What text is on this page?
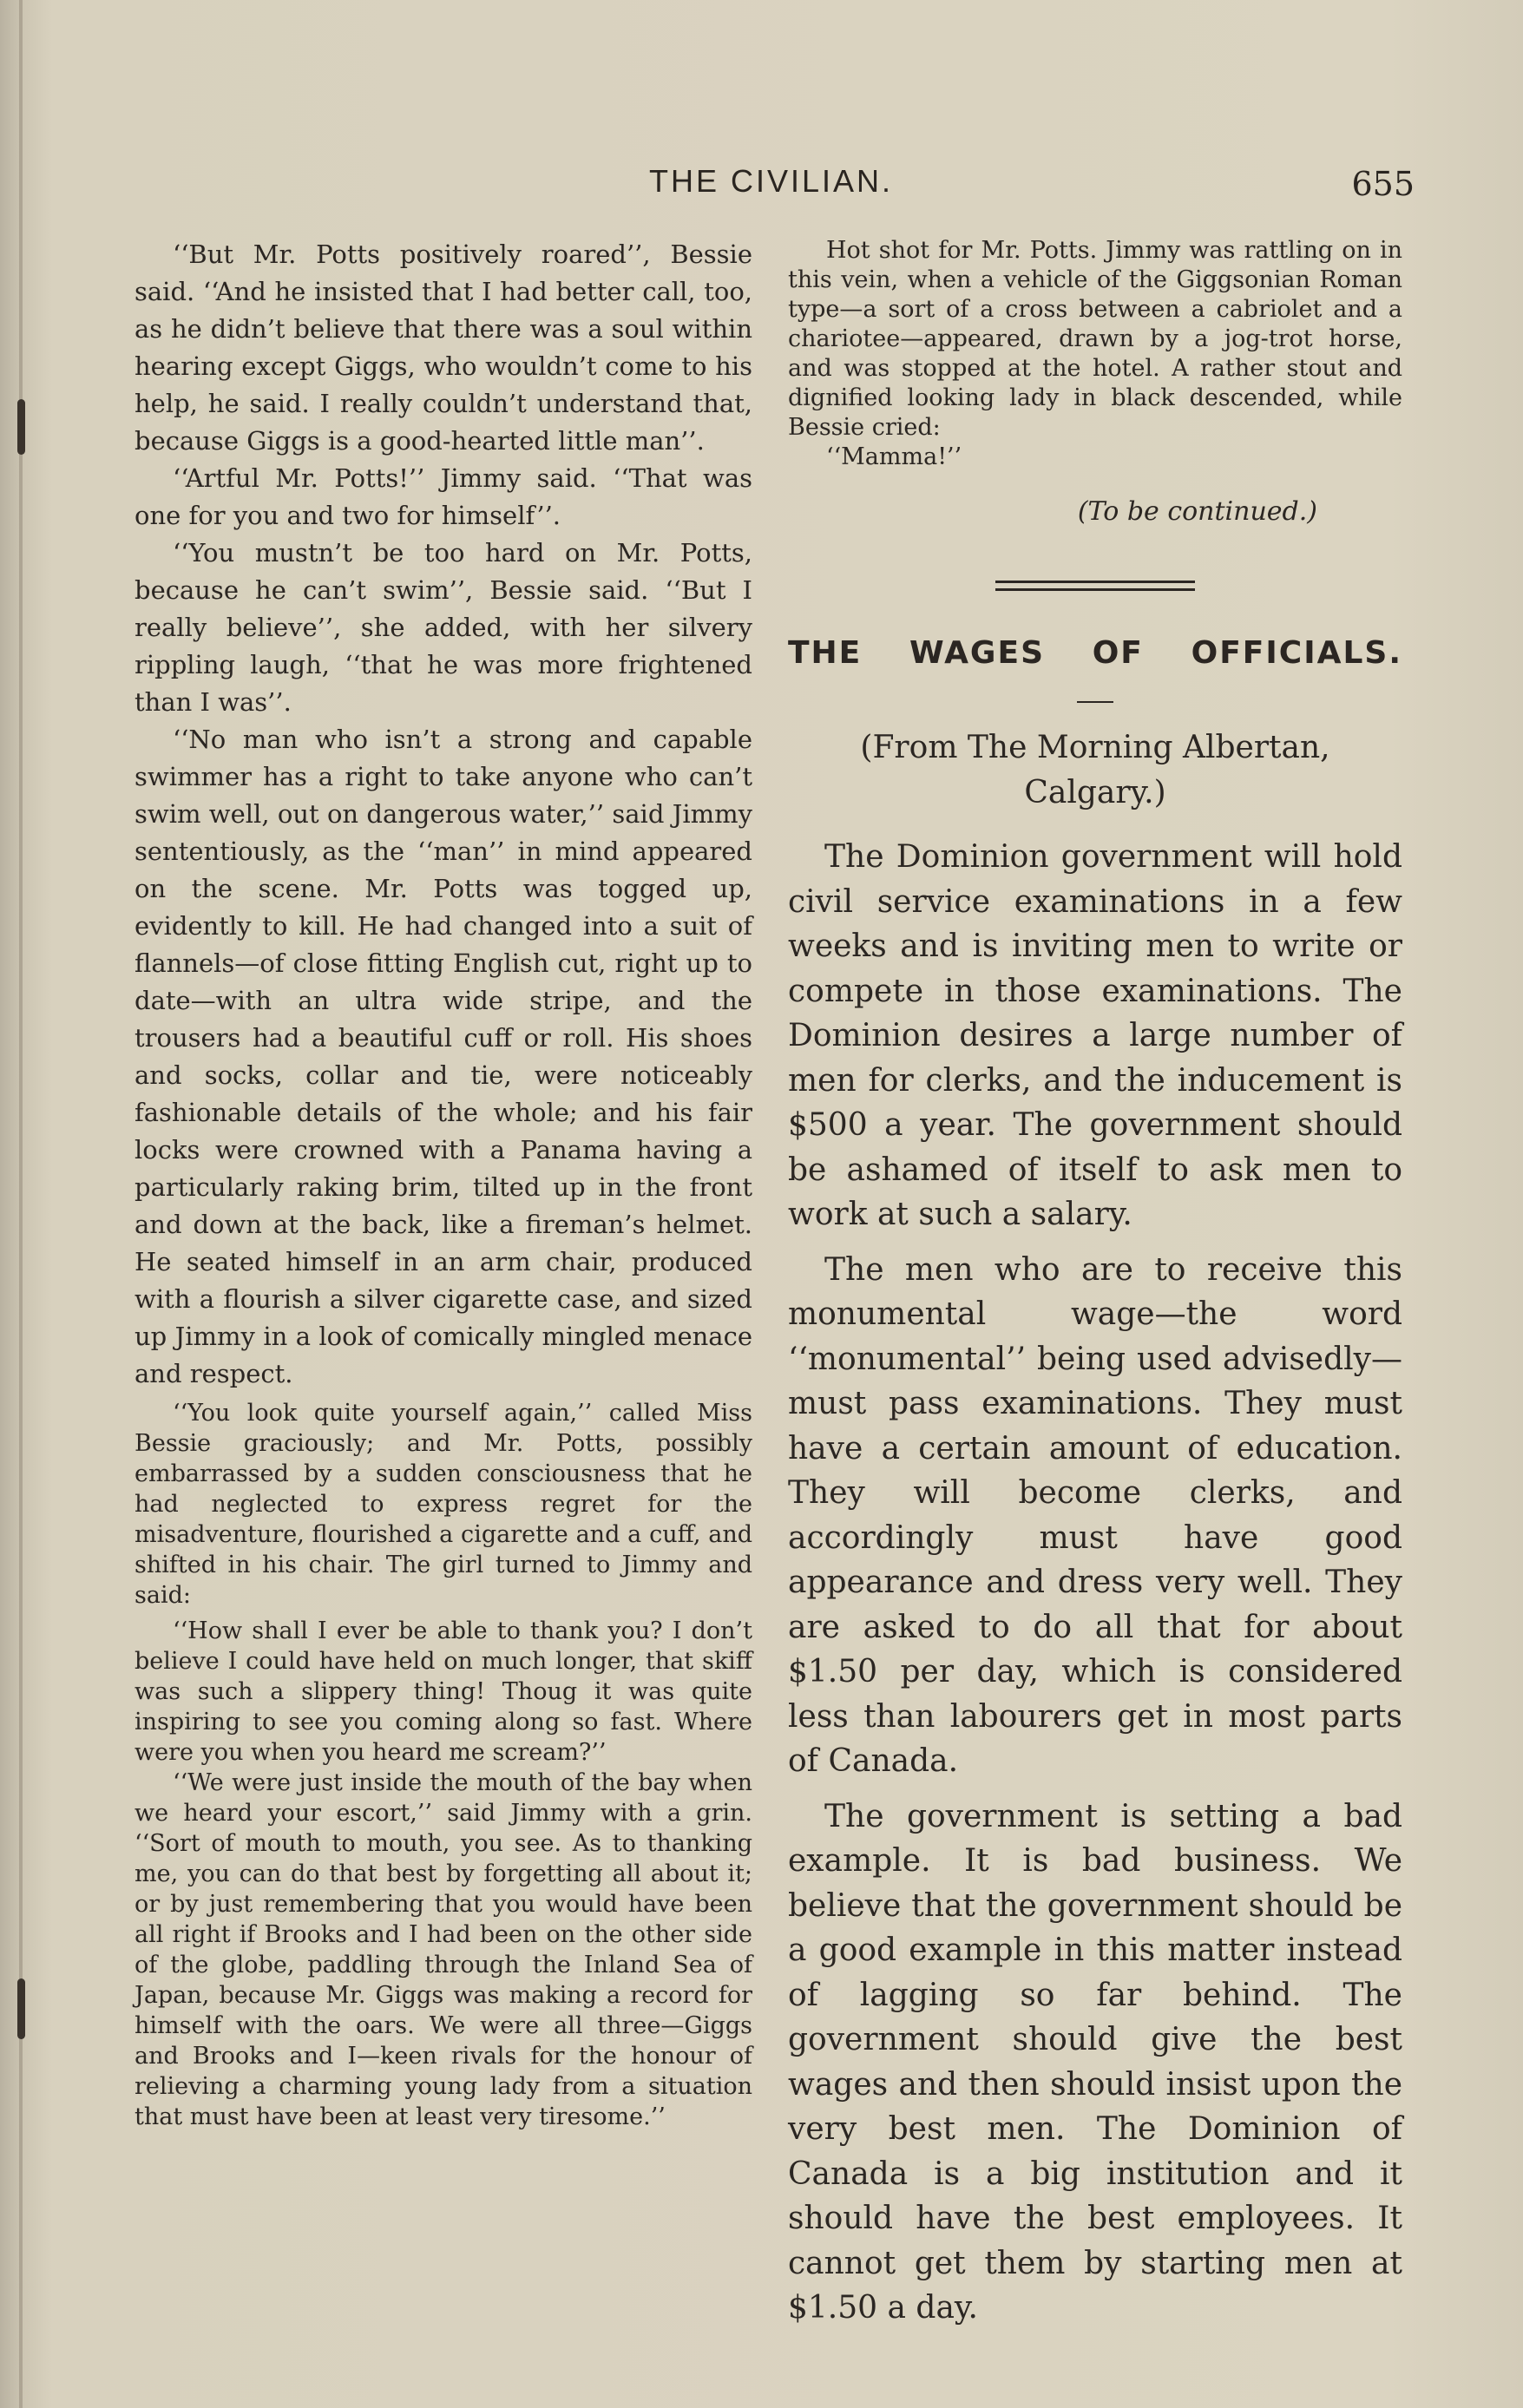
THE CIVILIAN.	655

‘‘But Mr. Potts positively roared’’, Bessie said. ‘‘And he insisted that I had better call, too, as he didn’t believe that there was a soul within hearing except Giggs, who wouldn’t come to his help, he said. I really couldn’t understand that, because Giggs is a good-hearted little man’’.

‘‘Artful Mr. Potts!’’ Jimmy said. ‘‘That was one for you and two for himself’’.

‘‘You mustn’t be too hard on Mr. Potts, because he can’t swim’’, Bessie said. ‘‘But I really believe’’, she added, with her silvery rippling laugh, ‘‘that he was more frightened than I was’’.

‘‘No man who isn’t a strong and capable swimmer has a right to take anyone who can’t swim well, out on dangerous water,’’ said Jimmy sententiously, as the ‘‘man’’ in mind appeared on the scene. Mr. Potts was togged up, evidently to kill. He had changed into a suit of flannels—of close fitting English cut, right up to date—with an ultra wide stripe, and the trousers had a beautiful cuff or roll. His shoes and socks, collar and tie, were noticeably fashionable details of the whole; and his fair locks were crowned with a Panama having a particularly raking brim, tilted up in the front and down at the back, like a fireman’s helmet. He seated himself in an arm chair, produced with a flourish a silver cigarette case, and sized up Jimmy in a look of comically mingled menace and respect.

‘‘You look quite yourself again,’’ called Miss Bessie graciously; and Mr. Potts, possibly embarrassed by a sudden consciousness that he had neglected to express regret for the misadventure, flourished a cigarette and a cuff, and shifted in his chair. The girl turned to Jimmy and said:

‘‘How shall I ever be able to thank you? I don’t believe I could have held on much longer, that skiff was such a slippery thing! Thoug it was quite inspiring to see you coming along so fast. Where were you when you heard me scream?’’

‘‘We were just inside the mouth of the bay when we heard your escort,’’ said Jimmy with a grin. ‘‘Sort of mouth to mouth, you see. As to thanking me, you can do that best by forgetting all about it; or by just remembering that you would have been all right if Brooks and I had been on the other side of the globe, paddling through the Inland Sea of Japan, because Mr. Giggs was making a record for himself with the oars. We were all three—Giggs and Brooks and I—keen rivals for the honour of relieving a charming young lady from a situation that must have been at least very tiresome.’’

Hot shot for Mr. Potts. Jimmy was rattling on in this vein, when a vehicle of the Giggsonian Roman type—a sort of a cross between a cabriolet and a chariotee—appeared, drawn by a jog-trot horse, and was stopped at the hotel. A rather stout and dignified looking lady in black descended, while Bessie cried:

‘‘Mamma!’’

(To be continued.)
THE WAGES OF OFFICIALS.
(From The Morning Albertan, Calgary.)

The Dominion government will hold civil service examinations in a few weeks and is inviting men to write or compete in those examinations. The Dominion desires a large number of men for clerks, and the inducement is $500 a year. The government should be ashamed of itself to ask men to work at such a salary.

The men who are to receive this monumental wage—the word ‘‘monumental’’ being used advisedly—must pass examinations. They must have a certain amount of education. They will become clerks, and accordingly must have good appearance and dress very well. They are asked to do all that for about $1.50 per day, which is considered less than labourers get in most parts of Canada.

The government is setting a bad example. It is bad business. We believe that the government should be a good example in this matter instead of lagging so far behind. The government should give the best wages and then should insist upon the very best men. The Dominion of Canada is a big institution and it should have the best employees. It cannot get them by starting men at $1.50 a day.
